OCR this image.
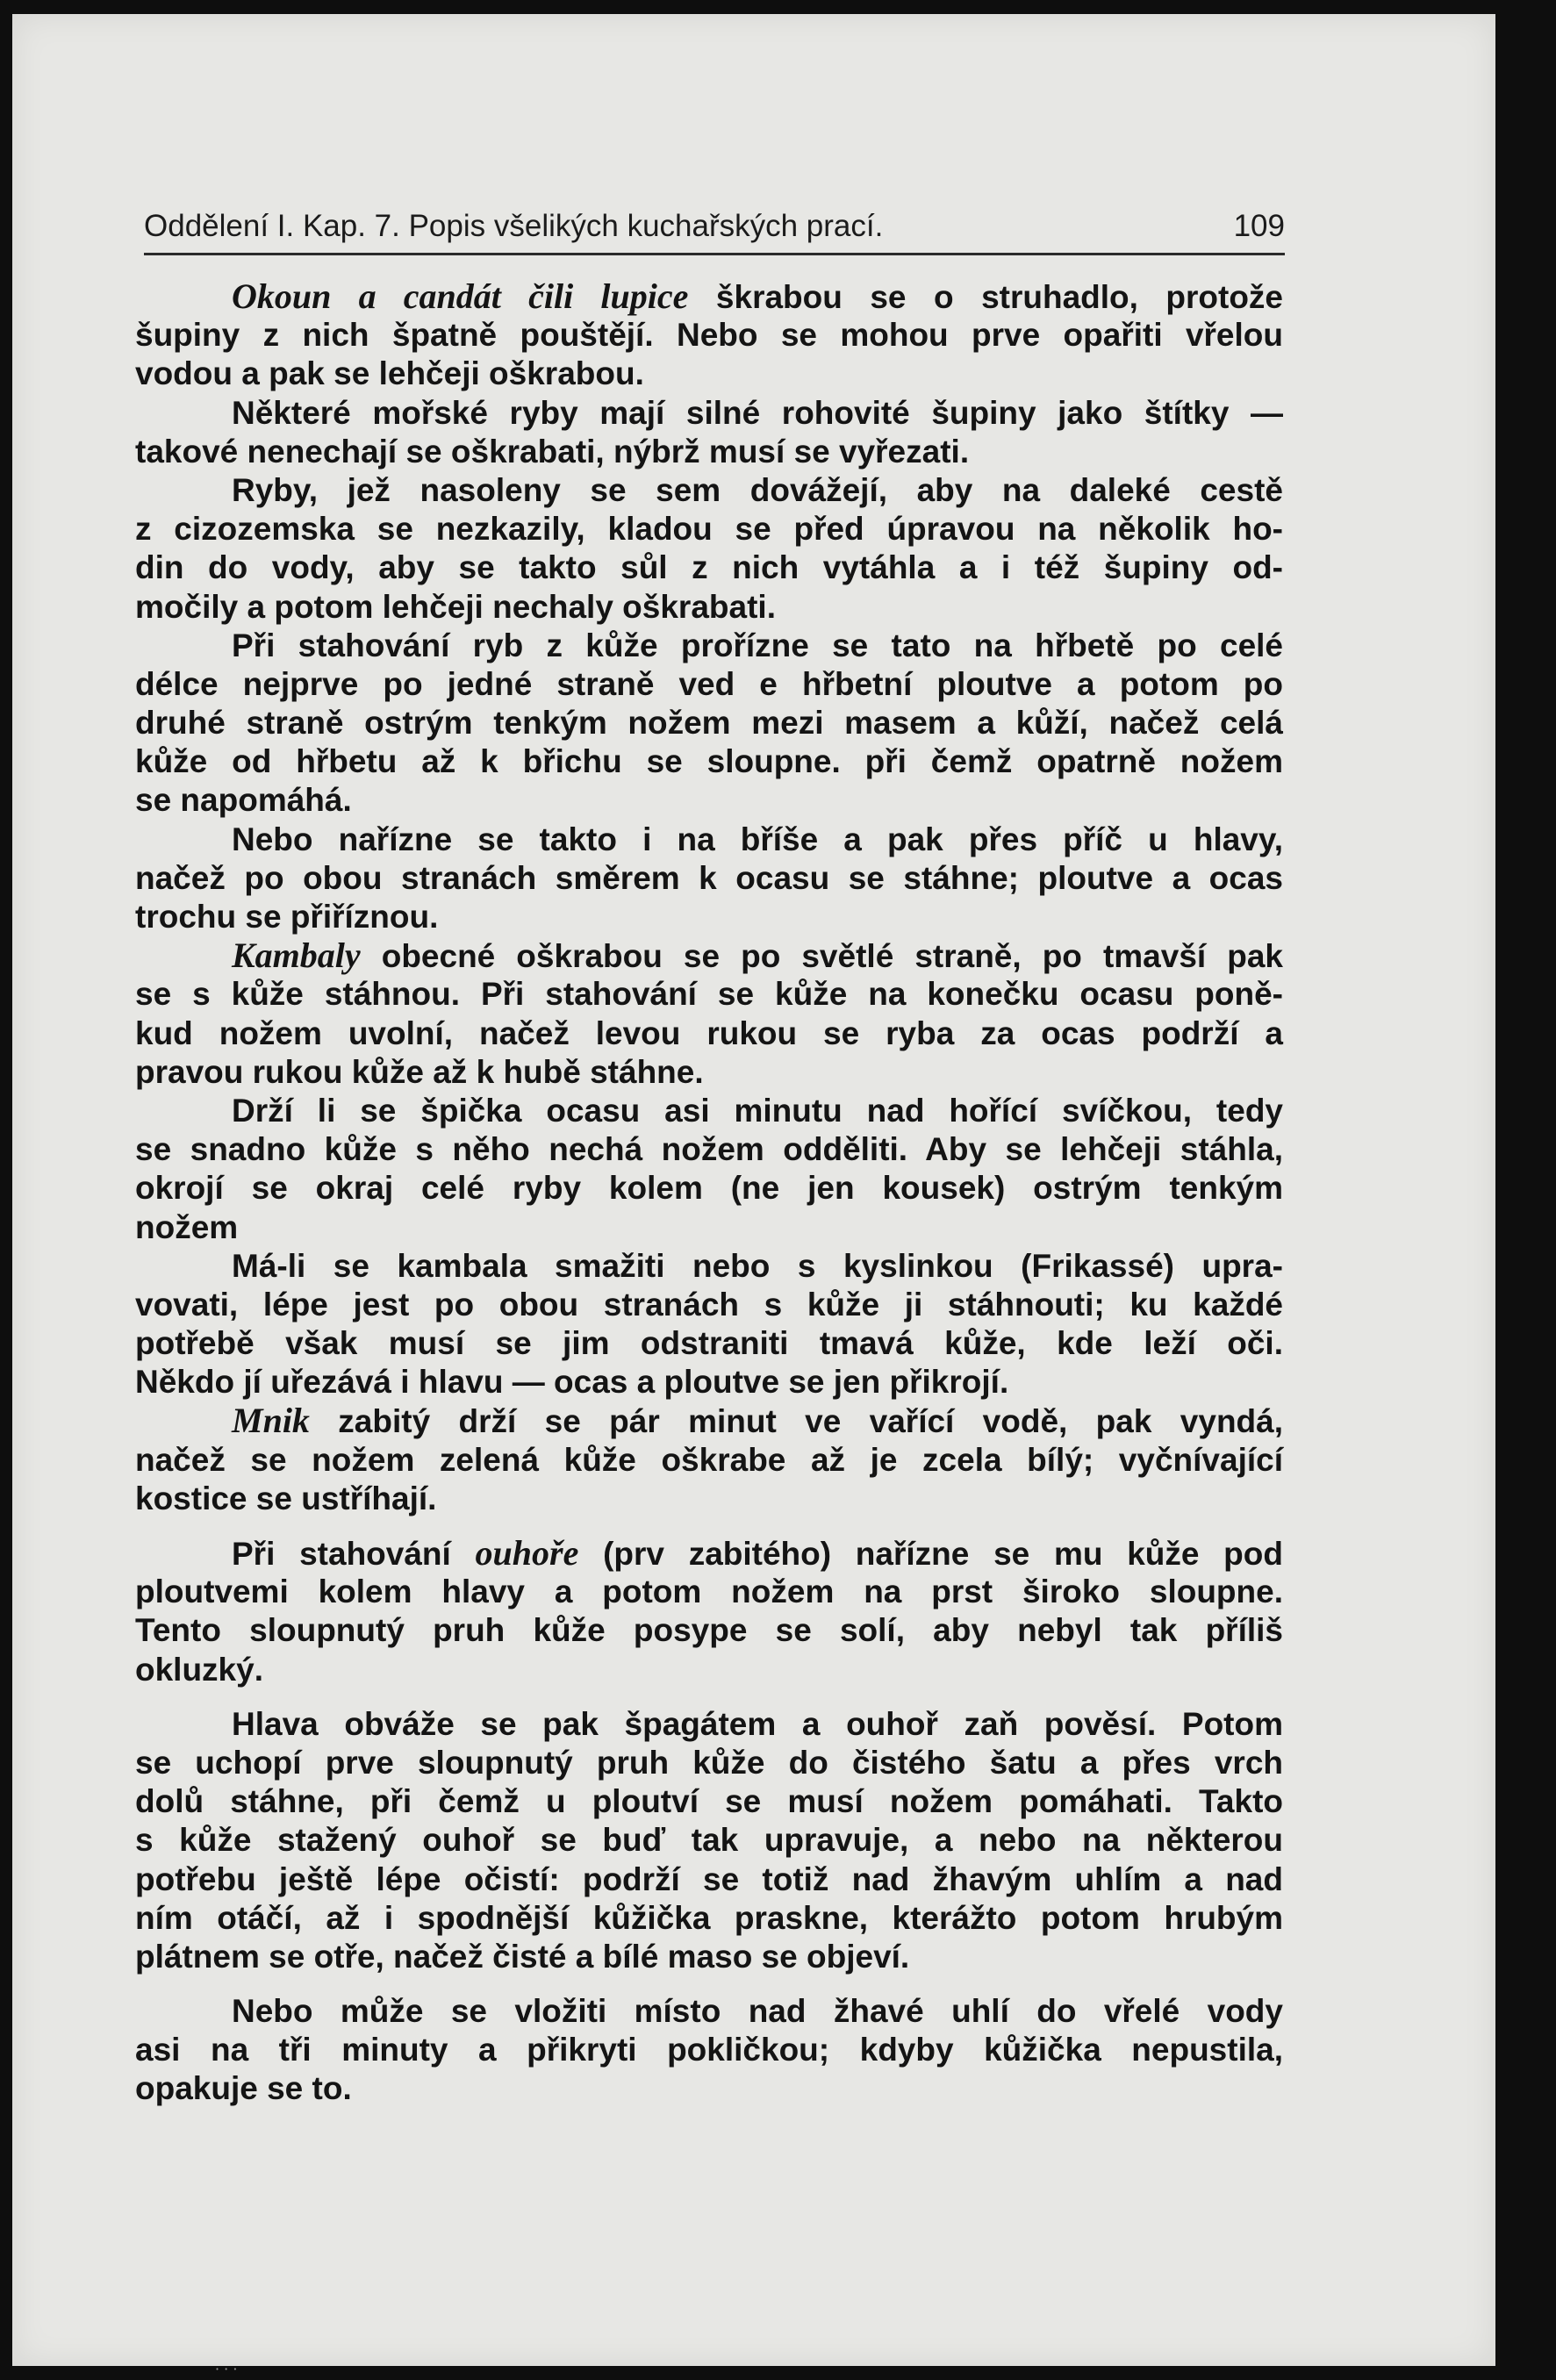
Oddělení I. Kap. 7. Popis všelikých kuchařských prací.	109
Okoun a candát čili lupice škrabou se o struhadlo, protože
šupiny z nich špatně pouštějí. Nebo se mohou prve opařiti vřelou
vodou a pak se lehčeji oškrabou.
Některé mořské ryby mají silné rohovité šupiny jako štítky —
takové nenechají se oškrabati, nýbrž musí se vyřezati.
Ryby, jež nasoleny se sem dovážejí, aby na daleké cestě
z cizozemska se nezkazily, kladou se před úpravou na několik ho-
din do vody, aby se takto sůl z nich vytáhla a i též šupiny od-
močily a potom lehčeji nechaly oškrabati.
Při stahování ryb z kůže prořízne se tato na hřbetě po celé
délce nejprve po jedné straně ved e hřbetní ploutve a potom po
druhé straně ostrým tenkým nožem mezi masem a kůží, načež celá
kůže od hřbetu až k břichu se sloupne. při čemž opatrně nožem
se napomáhá.
Nebo nařízne se takto i na bříše a pak přes příč u hlavy,
načež po obou stranách směrem k ocasu se stáhne; ploutve a ocas
trochu se přiříznou.
Kambaly obecné oškrabou se po světlé straně, po tmavší pak
se s kůže stáhnou. Při stahování se kůže na konečku ocasu poně-
kud nožem uvolní, načež levou rukou se ryba za ocas podrží a
pravou rukou kůže až k hubě stáhne.
Drží li se špička ocasu asi minutu nad hořící svíčkou, tedy
se snadno kůže s něho nechá nožem odděliti. Aby se lehčeji stáhla,
okrojí se okraj celé ryby kolem (ne jen kousek) ostrým tenkým
nožem
Má-li se kambala smažiti nebo s kyslinkou (Frikassé) upra-
vovati, lépe jest po obou stranách s kůže ji stáhnouti; ku každé
potřebě však musí se jim odstraniti tmavá kůže, kde leží oči.
Někdo jí uřezává i hlavu — ocas a ploutve se jen přikrojí.
Mnik zabitý drží se pár minut ve vařící vodě, pak vyndá,
načež se nožem zelená kůže oškrabe až je zcela bílý; vyčnívající
kostice se ustříhají.
Při stahování ouhoře (prv zabitého) nařízne se mu kůže pod
ploutvemi kolem hlavy a potom nožem na prst široko sloupne.
Tento sloupnutý pruh kůže posype se solí, aby nebyl tak příliš
okluzký.
Hlava obváže se pak špagátem a ouhoř zaň pověsí. Potom
se uchopí prve sloupnutý pruh kůže do čistého šatu a přes vrch
dolů stáhne, při čemž u ploutví se musí nožem pomáhati. Takto
s kůže stažený ouhoř se buď tak upravuje, a nebo na některou
potřebu ještě lépe očistí: podrží se totiž nad žhavým uhlím a nad
ním otáčí, až i spodnější kůžička praskne, kterážto potom hrubým
plátnem se otře, načež čisté a bílé maso se objeví.
Nebo může se vložiti místo nad žhavé uhlí do vřelé vody
asi na tři minuty a přikryti pokličkou; kdyby kůžička nepustila,
opakuje se to.
· · ·
